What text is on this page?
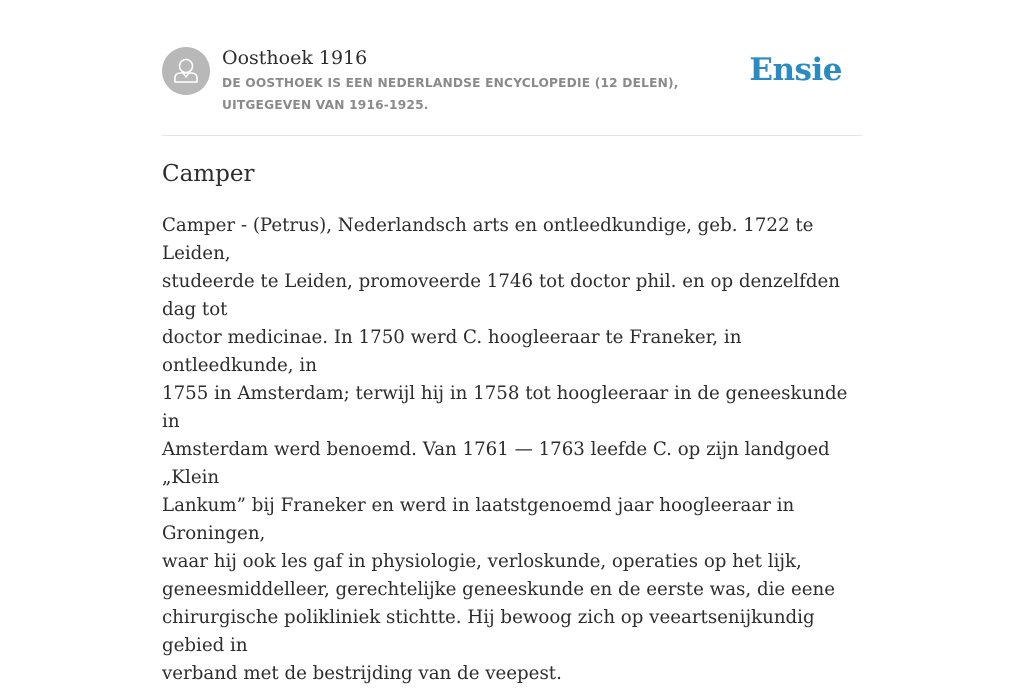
Oosthoek 1916

DE OOSTHOEK IS EEN NEDERLANDSE ENCYCLOPEDIE (12 DELEN), UITGEGEVEN VAN 1916-1925.

Ensie
Camper

Camper - (Petrus), Nederlandsch arts en ontleedkundige, geb. 1722 te Leiden,
studeerde te Leiden, promoveerde 1746 tot doctor phil. en op denzelfden dag tot
doctor medicinae. In 1750 werd C. hoogleeraar te Franeker, in ontleedkunde, in
1755 in Amsterdam; terwijl hij in 1758 tot hoogleeraar in de geneeskunde in
Amsterdam werd benoemd. Van 1761 — 1763 leefde C. op zijn landgoed „Klein
Lankum” bij Franeker en werd in laatstgenoemd jaar hoogleeraar in Groningen,
waar hij ook les gaf in physiologie, verloskunde, operaties op het lijk,
geneesmiddelleer, gerechtelijke geneeskunde en de eerste was, die eene
chirurgische polikliniek stichtte. Hij bewoog zich op veeartsenijkundig gebied in
verband met de bestrijding van de veepest.
